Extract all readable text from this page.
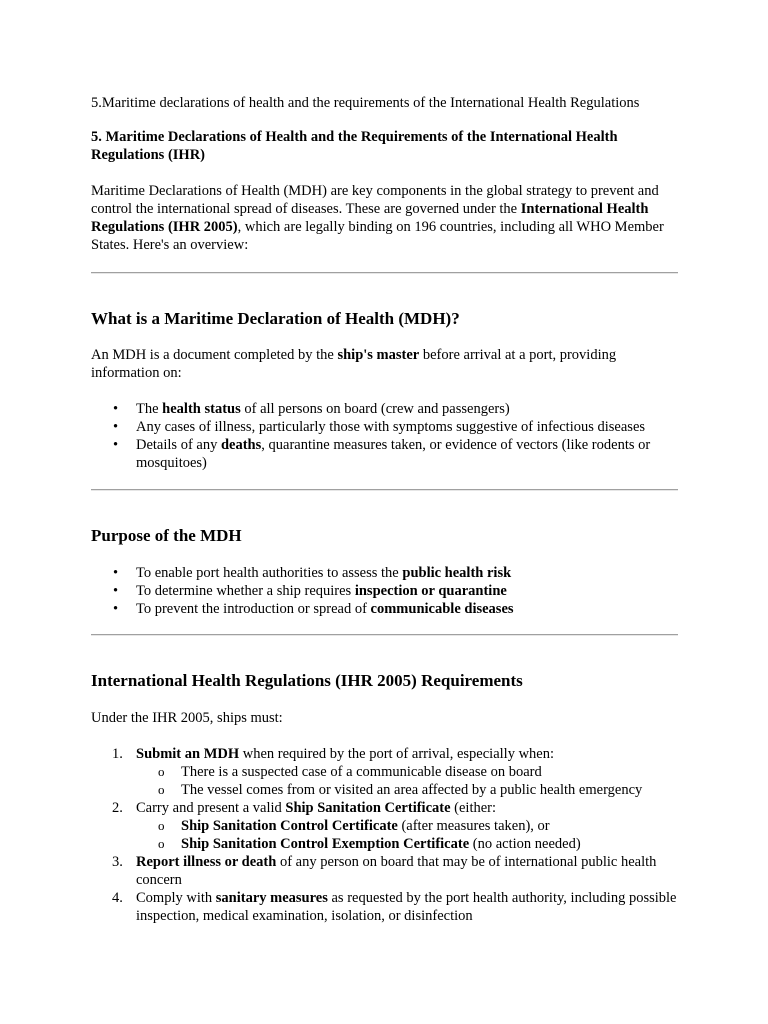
5.Maritime declarations of health and the requirements of the International Health Regulations

5. Maritime Declarations of Health and the Requirements of the International Health Regulations (IHR)

Maritime Declarations of Health (MDH) are key components in the global strategy to prevent and control the international spread of diseases. These are governed under the International Health Regulations (IHR 2005), which are legally binding on 196 countries, including all WHO Member States. Here's an overview:

What is a Maritime Declaration of Health (MDH)?

An MDH is a document completed by the ship's master before arrival at a port, providing information on:

• The health status of all persons on board (crew and passengers)
• Any cases of illness, particularly those with symptoms suggestive of infectious diseases
• Details of any deaths, quarantine measures taken, or evidence of vectors (like rodents or mosquitoes)
Purpose of the MDH
• To enable port health authorities to assess the public health risk
• To determine whether a ship requires inspection or quarantine
• To prevent the introduction or spread of communicable diseases
International Health Regulations (IHR 2005) Requirements

Under the IHR 2005, ships must:

1. Submit an MDH when required by the port of arrival, especially when:
o There is a suspected case of a communicable disease on board
o The vessel comes from or visited an area affected by a public health emergency
2. Carry and present a valid Ship Sanitation Certificate (either:
o Ship Sanitation Control Certificate (after measures taken), or
o Ship Sanitation Control Exemption Certificate (no action needed)
3. Report illness or death of any person on board that may be of international public health concern
4. Comply with sanitary measures as requested by the port health authority, including possible inspection, medical examination, isolation, or disinfection
